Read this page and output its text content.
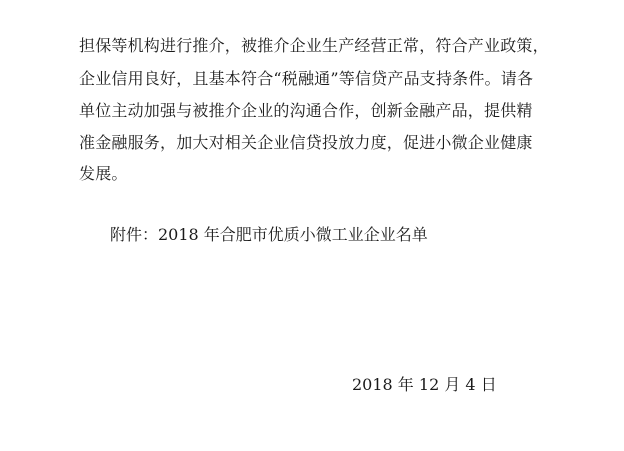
担保等机构进行推介，被推介企业生产经营正常，符合产业政策，
企业信用良好，且基本符合“税融通”等信贷产品支持条件。请各
单位主动加强与被推介企业的沟通合作，创新金融产品，提供精
准金融服务，加大对相关企业信贷投放力度，促进小微企业健康
发展。
附件：2018 年合肥市优质小微工业企业名单
2018 年 12 月 4 日
